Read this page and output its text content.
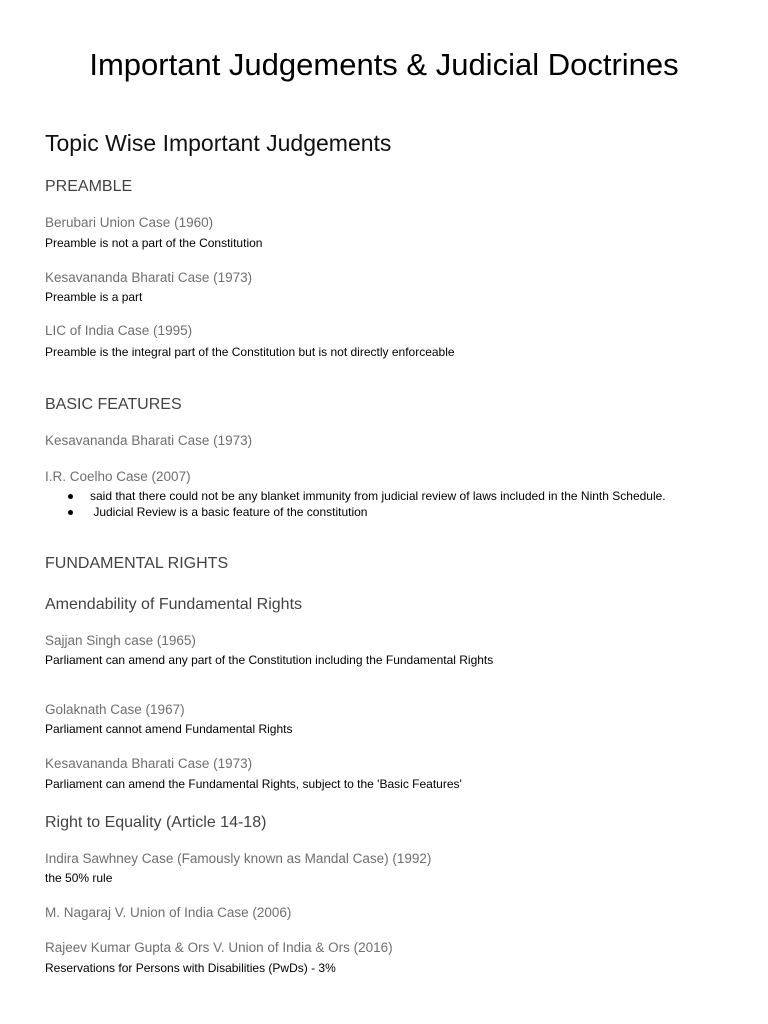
Important Judgements & Judicial Doctrines
Topic Wise Important Judgements
PREAMBLE
Berubari Union Case (1960)
Preamble is not a part of the Constitution
Kesavananda Bharati Case (1973)
Preamble is a part
LIC of India Case (1995)
Preamble is the integral part of the Constitution but is not directly enforceable
BASIC FEATURES
Kesavananda Bharati Case (1973)
I.R. Coelho Case (2007)
said that there could not be any blanket immunity from judicial review of laws included in the Ninth Schedule.
Judicial Review is a basic feature of the constitution
FUNDAMENTAL RIGHTS
Amendability of Fundamental Rights
Sajjan Singh case (1965)
Parliament can amend any part of the Constitution including the Fundamental Rights
Golaknath Case (1967)
Parliament cannot amend Fundamental Rights
Kesavananda Bharati Case (1973)
Parliament can amend the Fundamental Rights, subject to the 'Basic Features'
Right to Equality (Article 14-18)
Indira Sawhney Case (Famously known as Mandal Case) (1992)
the 50% rule
M. Nagaraj V. Union of India Case (2006)
Rajeev Kumar Gupta & Ors V. Union of India & Ors (2016)
Reservations for Persons with Disabilities (PwDs) - 3%
